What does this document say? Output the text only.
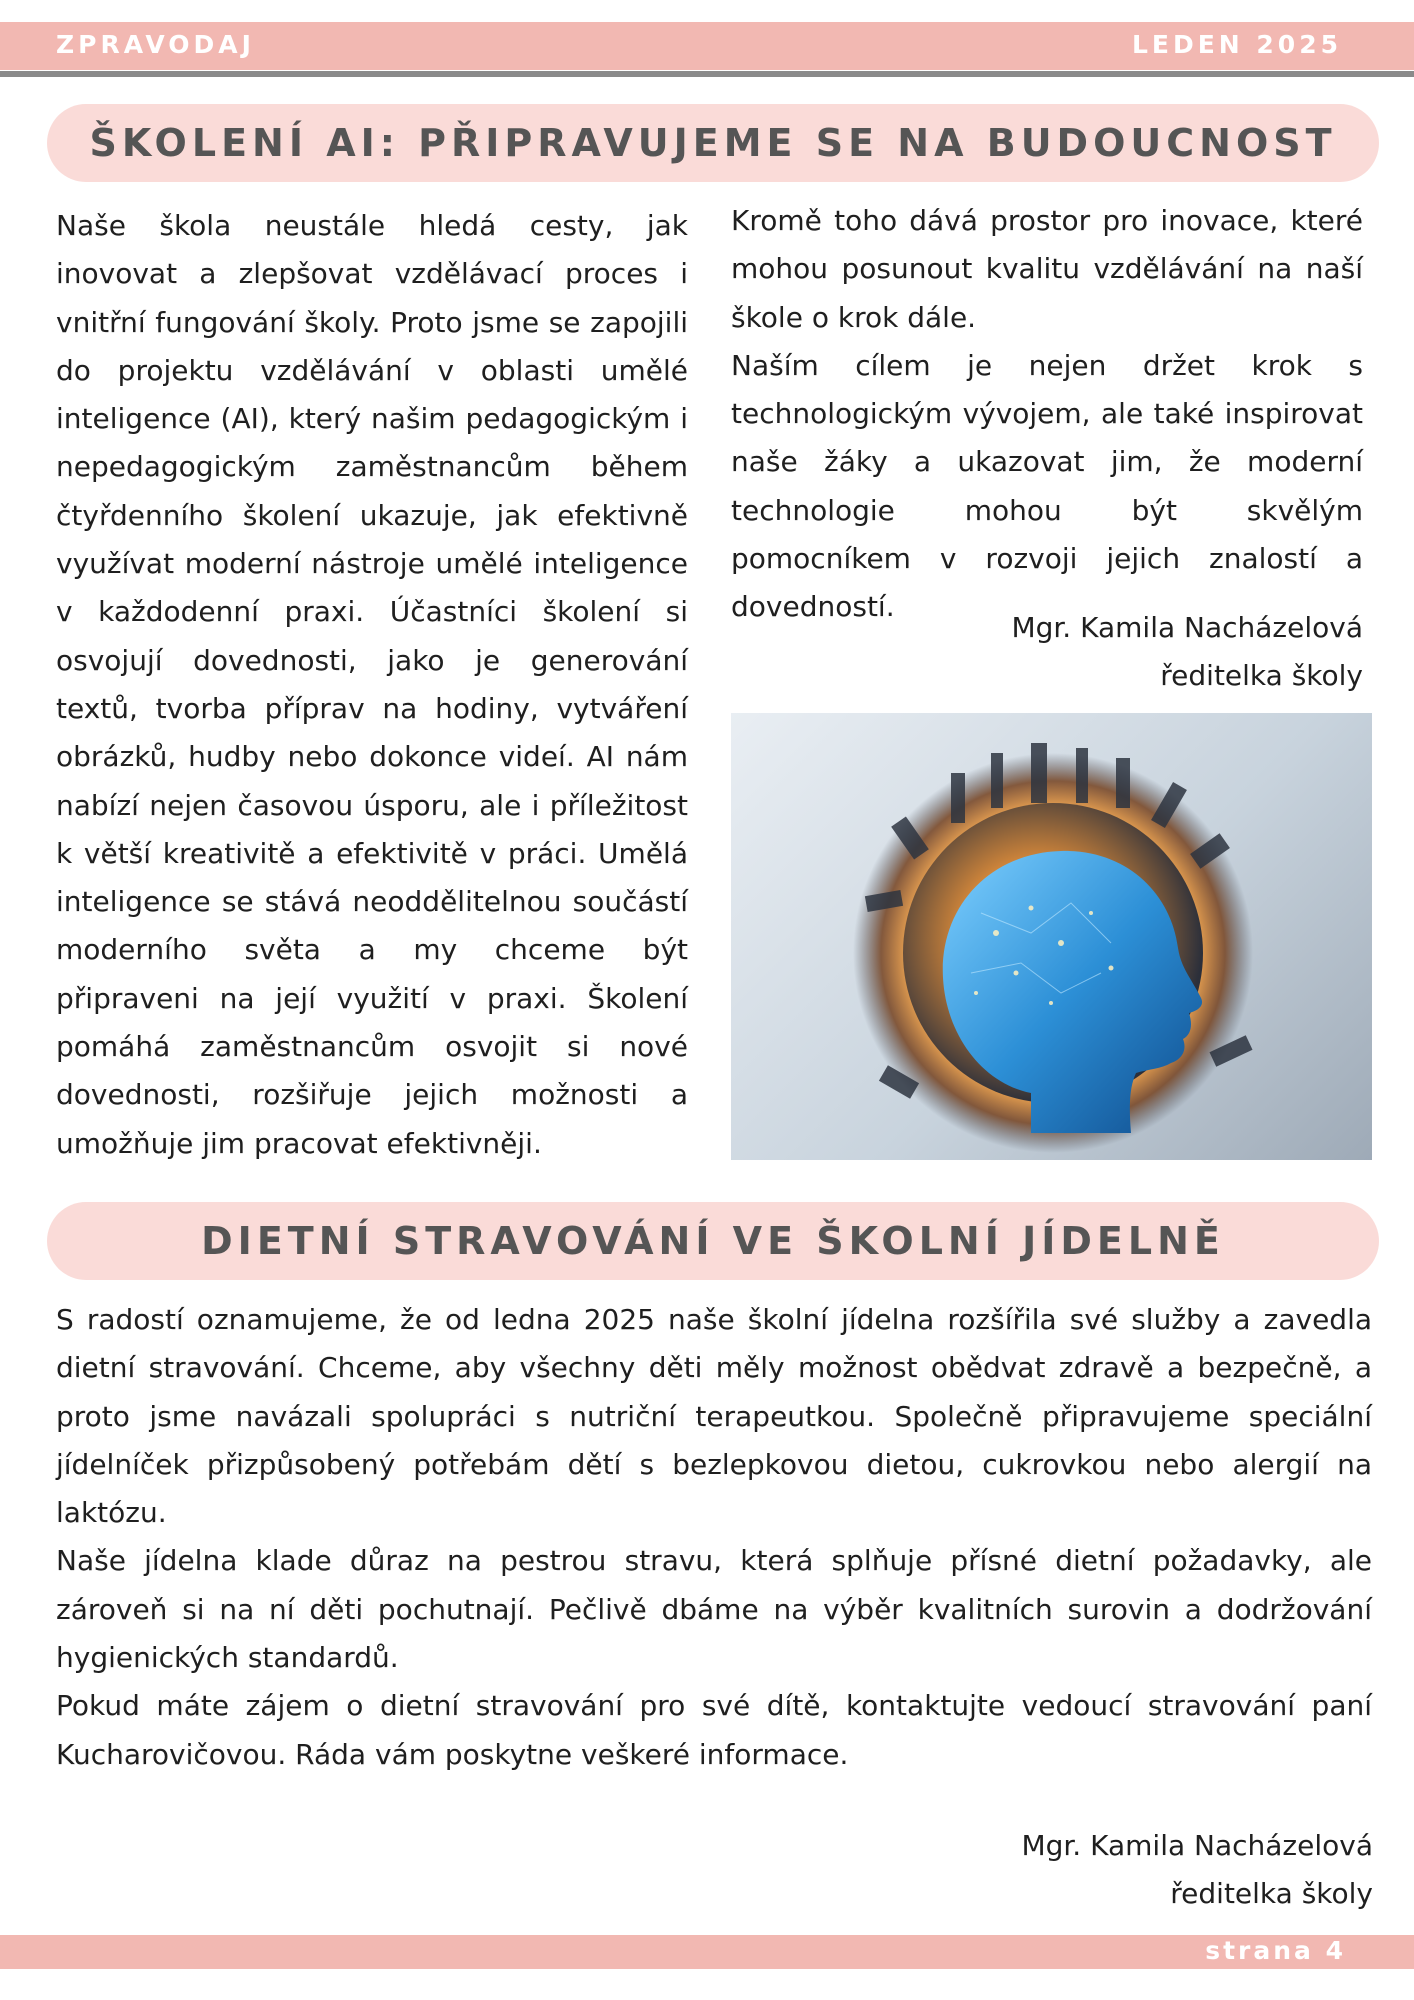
ZPRAVODAJ	LEDEN 2025
ŠKOLENÍ AI: PŘIPRAVUJEME SE NA BUDOUCNOST

Naše škola neustále hledá cesty, jak inovovat a zlepšovat vzdělávací proces i vnitřní fungování školy. Proto jsme se zapojili do projektu vzdělávání v oblasti umělé inteligence (AI), který našim pedagogickým i nepedagogickým zaměstnancům během čtyřdenního školení ukazuje, jak efektivně využívat moderní nástroje umělé inteligence v každodenní praxi. Účastníci školení si osvojují dovednosti, jako je generování textů, tvorba příprav na hodiny, vytváření obrázků, hudby nebo dokonce videí. AI nám nabízí nejen časovou úsporu, ale i příležitost k větší kreativitě a efektivitě v práci. Umělá inteligence se stává neoddělitelnou součástí moderního světa a my chceme být připraveni na její využití v praxi. Školení pomáhá zaměstnancům osvojit si nové dovednosti, rozšiřuje jejich možnosti a umožňuje jim pracovat efektivněji.

Kromě toho dává prostor pro inovace, které mohou posunout kvalitu vzdělávání na naší škole o krok dále.

Naším cílem je nejen držet krok s technologickým vývojem, ale také inspirovat naše žáky a ukazovat jim, že moderní technologie mohou být skvělým pomocníkem v rozvoji jejich znalostí a dovedností.

Mgr. Kamila Nacházelová
ředitelka školy
DIETNÍ STRAVOVÁNÍ VE ŠKOLNÍ JÍDELNĚ

S radostí oznamujeme, že od ledna 2025 naše školní jídelna rozšířila své služby a zavedla dietní stravování. Chceme, aby všechny děti měly možnost obědvat zdravě a bezpečně, a proto jsme navázali spolupráci s nutriční terapeutkou. Společně připravujeme speciální jídelníček přizpůsobený potřebám dětí s bezlepkovou dietou, cukrovkou nebo alergií na laktózu.

Naše jídelna klade důraz na pestrou stravu, která splňuje přísné dietní požadavky, ale zároveň si na ní děti pochutnají. Pečlivě dbáme na výběr kvalitních surovin a dodržování hygienických standardů.

Pokud máte zájem o dietní stravování pro své dítě, kontaktujte vedoucí stravování paní Kucharovičovou. Ráda vám poskytne veškeré informace.

Mgr. Kamila Nacházelová
ředitelka školy
strana 4
